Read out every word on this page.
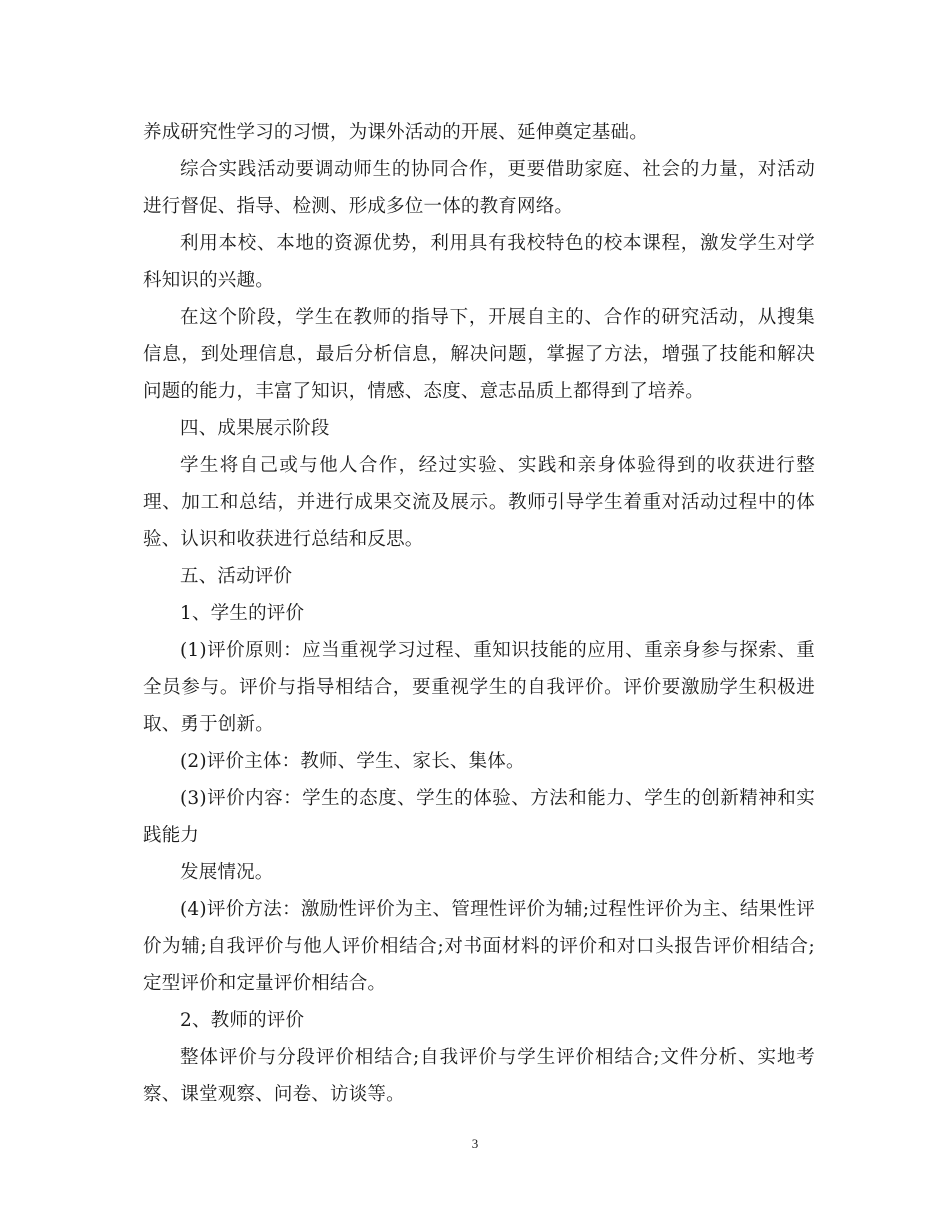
养成研究性学习的习惯，为课外活动的开展、延伸奠定基础。

综合实践活动要调动师生的协同合作，更要借助家庭、社会的力量，对活动进行督促、指导、检测、形成多位一体的教育网络。

利用本校、本地的资源优势，利用具有我校特色的校本课程，激发学生对学科知识的兴趣。

在这个阶段，学生在教师的指导下，开展自主的、合作的研究活动，从搜集信息，到处理信息，最后分析信息，解决问题，掌握了方法，增强了技能和解决问题的能力，丰富了知识，情感、态度、意志品质上都得到了培养。

四、成果展示阶段

学生将自己或与他人合作，经过实验、实践和亲身体验得到的收获进行整理、加工和总结，并进行成果交流及展示。教师引导学生着重对活动过程中的体验、认识和收获进行总结和反思。

五、活动评价

1、学生的评价

(1)评价原则：应当重视学习过程、重知识技能的应用、重亲身参与探索、重全员参与。评价与指导相结合，要重视学生的自我评价。评价要激励学生积极进取、勇于创新。

(2)评价主体：教师、学生、家长、集体。

(3)评价内容：学生的态度、学生的体验、方法和能力、学生的创新精神和实践能力

发展情况。

(4)评价方法：激励性评价为主、管理性评价为辅;过程性评价为主、结果性评价为辅;自我评价与他人评价相结合;对书面材料的评价和对口头报告评价相结合;定型评价和定量评价相结合。

2、教师的评价

整体评价与分段评价相结合;自我评价与学生评价相结合;文件分析、实地考察、课堂观察、问卷、访谈等。

3
